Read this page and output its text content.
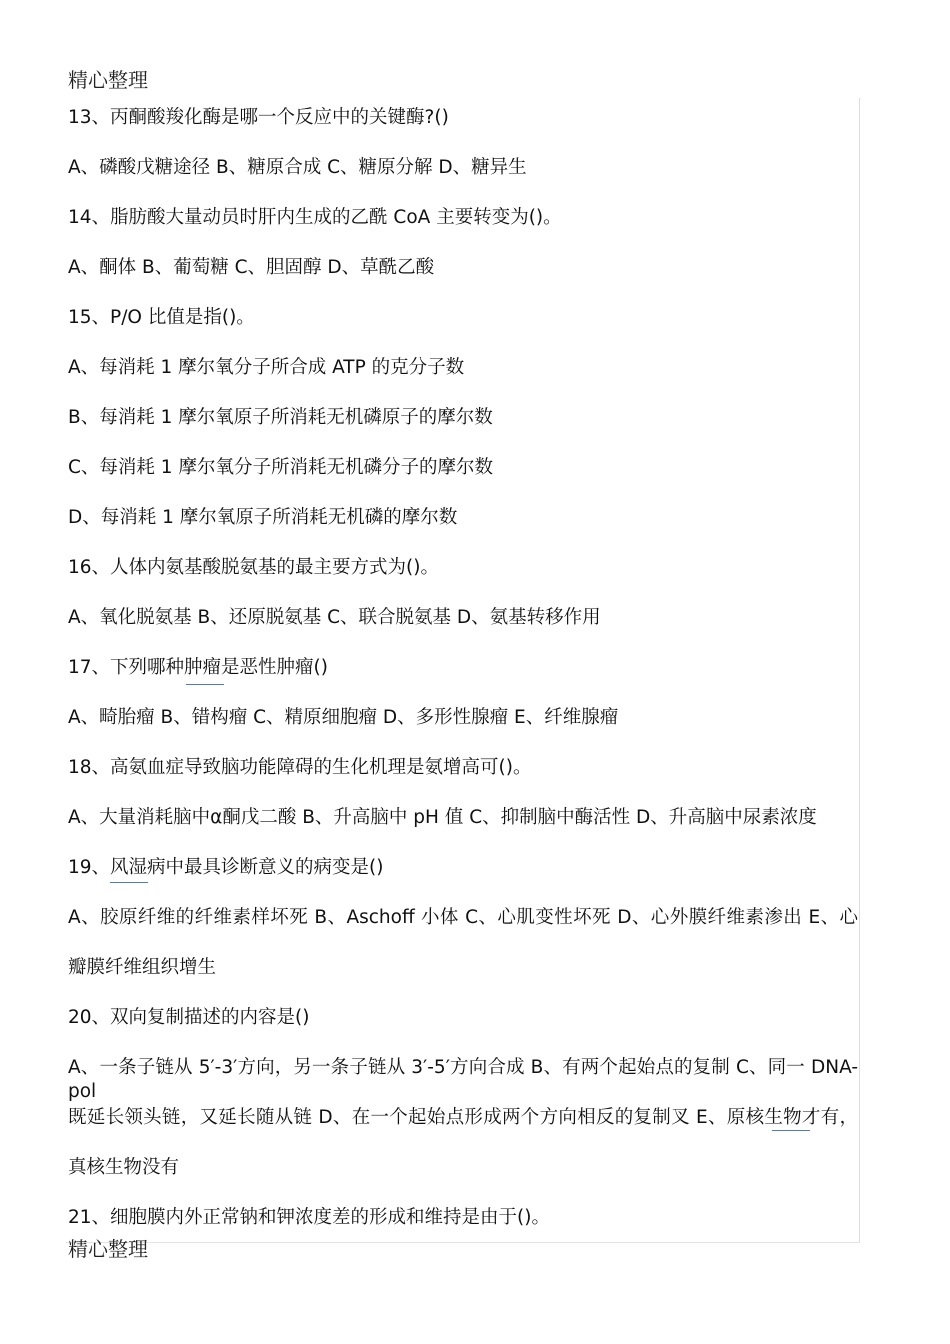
精心整理
13、丙酮酸羧化酶是哪一个反应中的关键酶?()
A、磷酸戊糖途径 B、糖原合成 C、糖原分解 D、糖异生
14、脂肪酸大量动员时肝内生成的乙酰 CoA 主要转变为()。
A、酮体 B、葡萄糖 C、胆固醇 D、草酰乙酸
15、P/O 比值是指()。
A、每消耗 1 摩尔氧分子所合成 ATP 的克分子数
B、每消耗 1 摩尔氧原子所消耗无机磷原子的摩尔数
C、每消耗 1 摩尔氧分子所消耗无机磷分子的摩尔数
D、每消耗 1 摩尔氧原子所消耗无机磷的摩尔数
16、人体内氨基酸脱氨基的最主要方式为()。
A、氧化脱氨基 B、还原脱氨基 C、联合脱氨基 D、氨基转移作用
17、下列哪种肿瘤是恶性肿瘤()
A、畸胎瘤 B、错构瘤 C、精原细胞瘤 D、多形性腺瘤 E、纤维腺瘤
18、高氨血症导致脑功能障碍的生化机理是氨增高可()。
A、大量消耗脑中α酮戊二酸 B、升高脑中 pH 值 C、抑制脑中酶活性 D、升高脑中尿素浓度
19、风湿病中最具诊断意义的病变是()
A、胶原纤维的纤维素样坏死 B、Aschoff 小体 C、心肌变性坏死 D、心外膜纤维素渗出 E、心
瓣膜纤维组织增生
20、双向复制描述的内容是()
A、一条子链从 5′-3′方向，另一条子链从 3′-5′方向合成 B、有两个起始点的复制 C、同一 DNA-pol
既延长领头链，又延长随从链 D、在一个起始点形成两个方向相反的复制叉 E、原核生物才有，
真核生物没有
21、细胞膜内外正常钠和钾浓度差的形成和维持是由于()。
精心整理
